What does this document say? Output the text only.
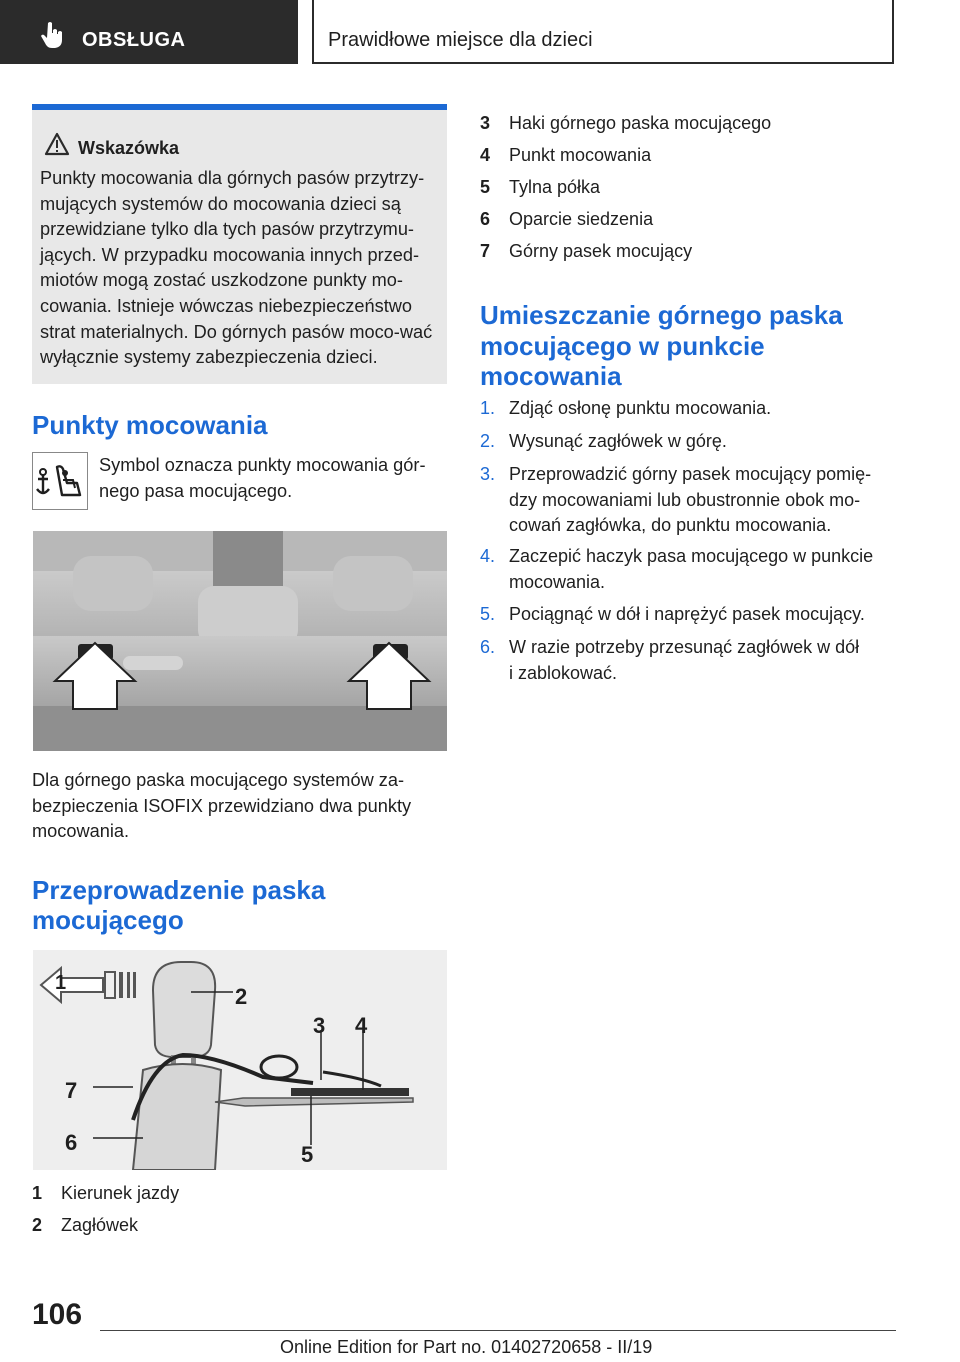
OBSŁUGA	Prawidłowe miejsce dla dzieci
Wskazówka
Punkty mocowania dla górnych pasów przytrzy-mujących systemów do mocowania dzieci są przewidziane tylko dla tych pasów przytrzymu-jących. W przypadku mocowania innych przed-miotów mogą zostać uszkodzone punkty mo-cowania. Istnieje wówczas niebezpieczeństwo strat materialnych. Do górnych pasów moco-wać wyłącznie systemy zabezpieczenia dzieci.
Punkty mocowania
Symbol oznacza punkty mocowania gór-nego pasa mocującego.
Dla górnego paska mocującego systemów za-bezpieczenia ISOFIX przewidziano dwa punkty mocowania.
Przeprowadzenie paska
mocującego
1
2
3 4
5
6
7
1 Kierunek jazdy
2 Zagłówek
3 Haki górnego paska mocującego
4 Punkt mocowania
5 Tylna półka
6 Oparcie siedzenia
7 Górny pasek mocujący
Umieszczanie górnego paska
mocującego w punkcie
mocowania
1. Zdjąć osłonę punktu mocowania.
2. Wysunąć zagłówek w górę.
3. Przeprowadzić górny pasek mocujący pomię-
dzy mocowaniami lub obustronnie obok mo-
cowań zagłówka, do punktu mocowania.
4. Zaczepić haczyk pasa mocującego w punkcie
mocowania.
5. Pociągnąć w dół i naprężyć pasek mocujący.
6. W razie potrzeby przesunąć zagłówek w dół
i zablokować.
106
Online Edition for Part no. 01402720658 - II/19
